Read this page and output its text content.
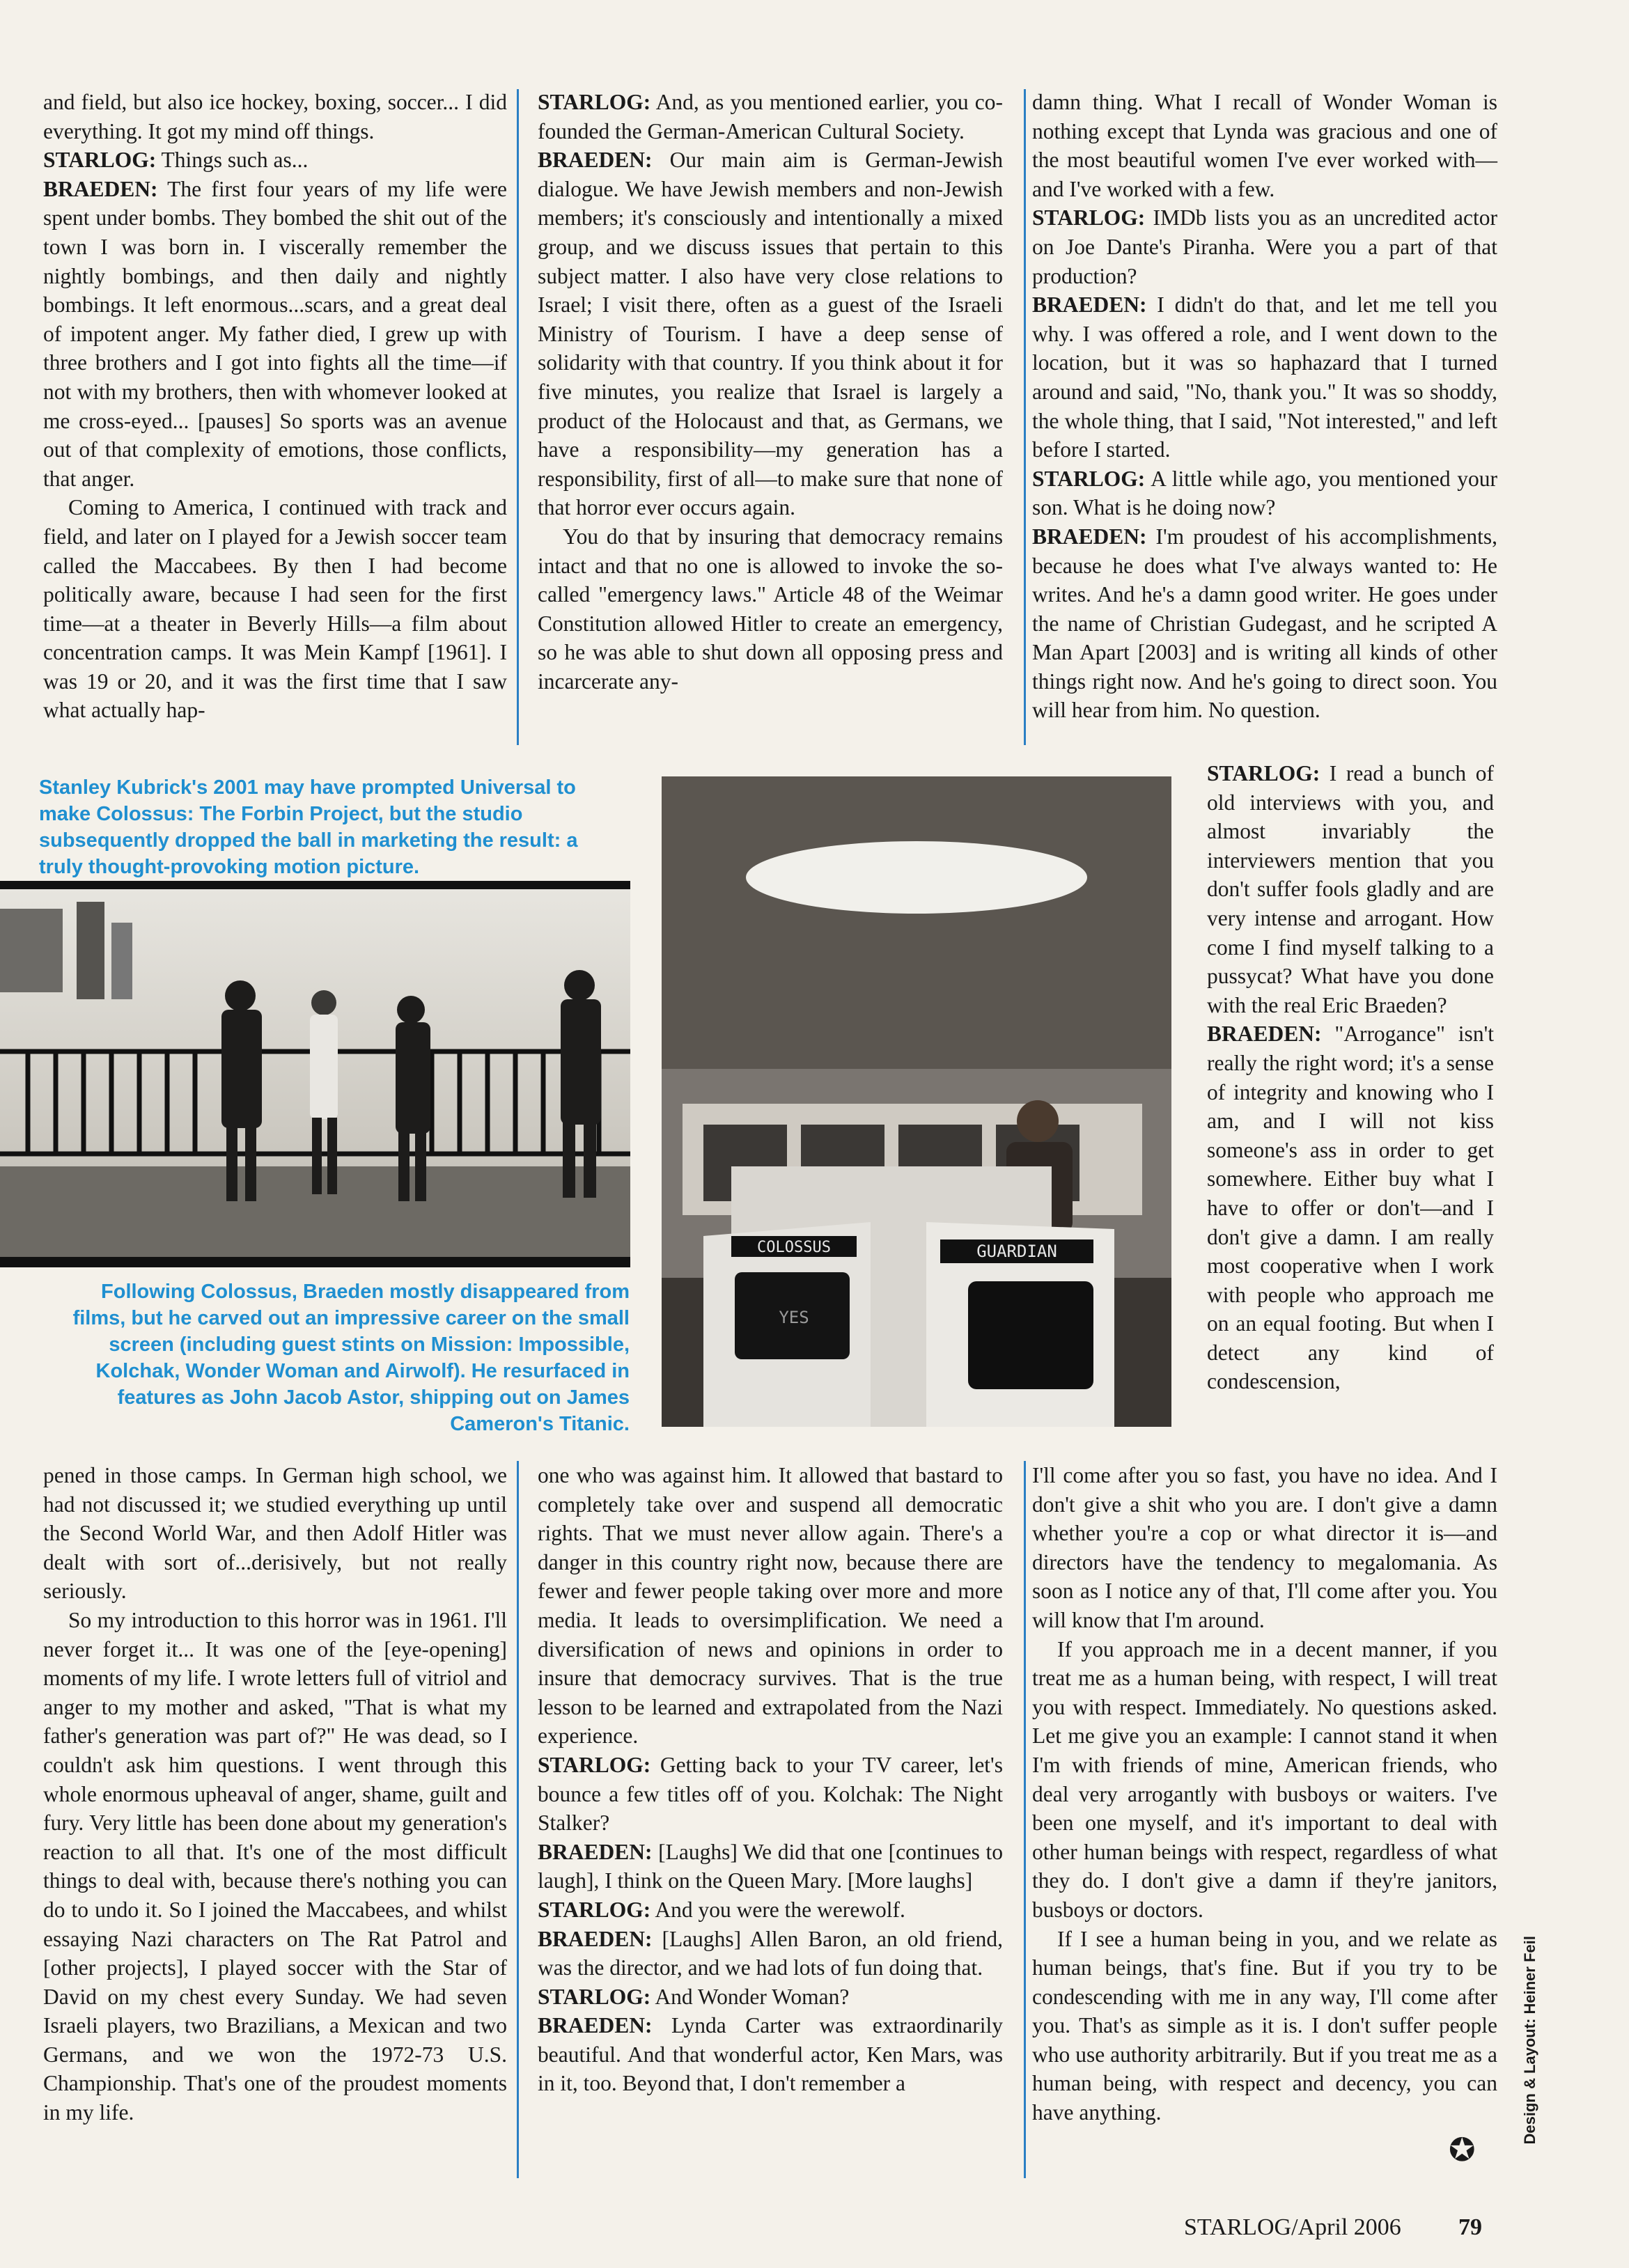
and field, but also ice hockey, boxing, soccer... I did everything. It got my mind off things.

STARLOG: Things such as...

BRAEDEN: The first four years of my life were spent under bombs. They bombed the shit out of the town I was born in. I viscerally remember the nightly bombings, and then daily and nightly bombings. It left enormous...scars, and a great deal of impotent anger. My father died, I grew up with three brothers and I got into fights all the time—if not with my brothers, then with whomever looked at me cross-eyed... [pauses] So sports was an avenue out of that complexity of emotions, those conflicts, that anger.

Coming to America, I continued with track and field, and later on I played for a Jewish soccer team called the Maccabees. By then I had become politically aware, because I had seen for the first time—at a theater in Beverly Hills—a film about concentration camps. It was Mein Kampf [1961]. I was 19 or 20, and it was the first time that I saw what actually hap-

STARLOG: And, as you mentioned earlier, you co-founded the German-American Cultural Society.

BRAEDEN: Our main aim is German-Jewish dialogue. We have Jewish members and non-Jewish members; it's consciously and intentionally a mixed group, and we discuss issues that pertain to this subject matter. I also have very close relations to Israel; I visit there, often as a guest of the Israeli Ministry of Tourism. I have a deep sense of solidarity with that country. If you think about it for five minutes, you realize that Israel is largely a product of the Holocaust and that, as Germans, we have a responsibility—my generation has a responsibility, first of all—to make sure that none of that horror ever occurs again.

You do that by insuring that democracy remains intact and that no one is allowed to invoke the so-called "emergency laws." Article 48 of the Weimar Constitution allowed Hitler to create an emergency, so he was able to shut down all opposing press and incarcerate any-

damn thing. What I recall of Wonder Woman is nothing except that Lynda was gracious and one of the most beautiful women I've ever worked with—and I've worked with a few.

STARLOG: IMDb lists you as an uncredited actor on Joe Dante's Piranha. Were you a part of that production?

BRAEDEN: I didn't do that, and let me tell you why. I was offered a role, and I went down to the location, but it was so haphazard that I turned around and said, "No, thank you." It was so shoddy, the whole thing, that I said, "Not interested," and left before I started.

STARLOG: A little while ago, you mentioned your son. What is he doing now?

BRAEDEN: I'm proudest of his accomplishments, because he does what I've always wanted to: He writes. And he's a damn good writer. He goes under the name of Christian Gudegast, and he scripted A Man Apart [2003] and is writing all kinds of other things right now. And he's going to direct soon. You will hear from him. No question.

STARLOG: I read a bunch of old interviews with you, and almost invariably the interviewers mention that you don't suffer fools gladly and are very intense and arrogant. How come I find myself talking to a pussycat? What have you done with the real Eric Braeden?

BRAEDEN: "Arrogance" isn't really the right word; it's a sense of integrity and knowing who I am, and I will not kiss someone's ass in order to get somewhere. Either buy what I have to offer or don't—and I don't give a damn. I am really most cooperative when I work with people who approach me on an equal footing. But when I detect any kind of condescension,

pened in those camps. In German high school, we had not discussed it; we studied everything up until the Second World War, and then Adolf Hitler was dealt with sort of...derisively, but not really seriously.

So my introduction to this horror was in 1961. I'll never forget it... It was one of the [eye-opening] moments of my life. I wrote letters full of vitriol and anger to my mother and asked, "That is what my father's generation was part of?" He was dead, so I couldn't ask him questions. I went through this whole enormous upheaval of anger, shame, guilt and fury. Very little has been done about my generation's reaction to all that. It's one of the most difficult things to deal with, because there's nothing you can do to undo it. So I joined the Maccabees, and whilst essaying Nazi characters on The Rat Patrol and [other projects], I played soccer with the Star of David on my chest every Sunday. We had seven Israeli players, two Brazilians, a Mexican and two Germans, and we won the 1972-73 U.S. Championship. That's one of the proudest moments in my life.

one who was against him. It allowed that bastard to completely take over and suspend all democratic rights. That we must never allow again. There's a danger in this country right now, because there are fewer and fewer people taking over more and more media. It leads to oversimplification. We need a diversification of news and opinions in order to insure that democracy survives. That is the true lesson to be learned and extrapolated from the Nazi experience.

STARLOG: Getting back to your TV career, let's bounce a few titles off of you. Kolchak: The Night Stalker?

BRAEDEN: [Laughs] We did that one [continues to laugh], I think on the Queen Mary. [More laughs]

STARLOG: And you were the werewolf.

BRAEDEN: [Laughs] Allen Baron, an old friend, was the director, and we had lots of fun doing that.

STARLOG: And Wonder Woman?

BRAEDEN: Lynda Carter was extraordinarily beautiful. And that wonderful actor, Ken Mars, was in it, too. Beyond that, I don't remember a

I'll come after you so fast, you have no idea. And I don't give a shit who you are. I don't give a damn whether you're a cop or what director it is—and directors have the tendency to megalomania. As soon as I notice any of that, I'll come after you. You will know that I'm around.

If you approach me in a decent manner, if you treat me as a human being, with respect, I will treat you with respect. Immediately. No questions asked. Let me give you an example: I cannot stand it when I'm with friends of mine, American friends, who deal very arrogantly with busboys or waiters. I've been one myself, and it's important to deal with other human beings with respect, regardless of what they do. I don't give a damn if they're janitors, busboys or doctors.

If I see a human being in you, and we relate as human beings, that's fine. But if you try to be condescending with me in any way, I'll come after you. That's as simple as it is. I don't suffer people who use authority arbitrarily. But if you treat me as a human being, with respect and decency, you can have anything.

Stanley Kubrick's 2001 may have prompted Universal to make Colossus: The Forbin Project, but the studio subsequently dropped the ball in marketing the result: a truly thought-provoking motion picture.
Following Colossus, Braeden mostly disappeared from films, but he carved out an impressive career on the small screen (including guest stints on Mission: Impossible, Kolchak, Wonder Woman and Airwolf). He resurfaced in features as John Jacob Astor, shipping out on James Cameron's Titanic.
COLOSSUS	GUARDIAN
YES
STARLOG/April 2006 79
✪
Design & Layout: Heiner Feil
